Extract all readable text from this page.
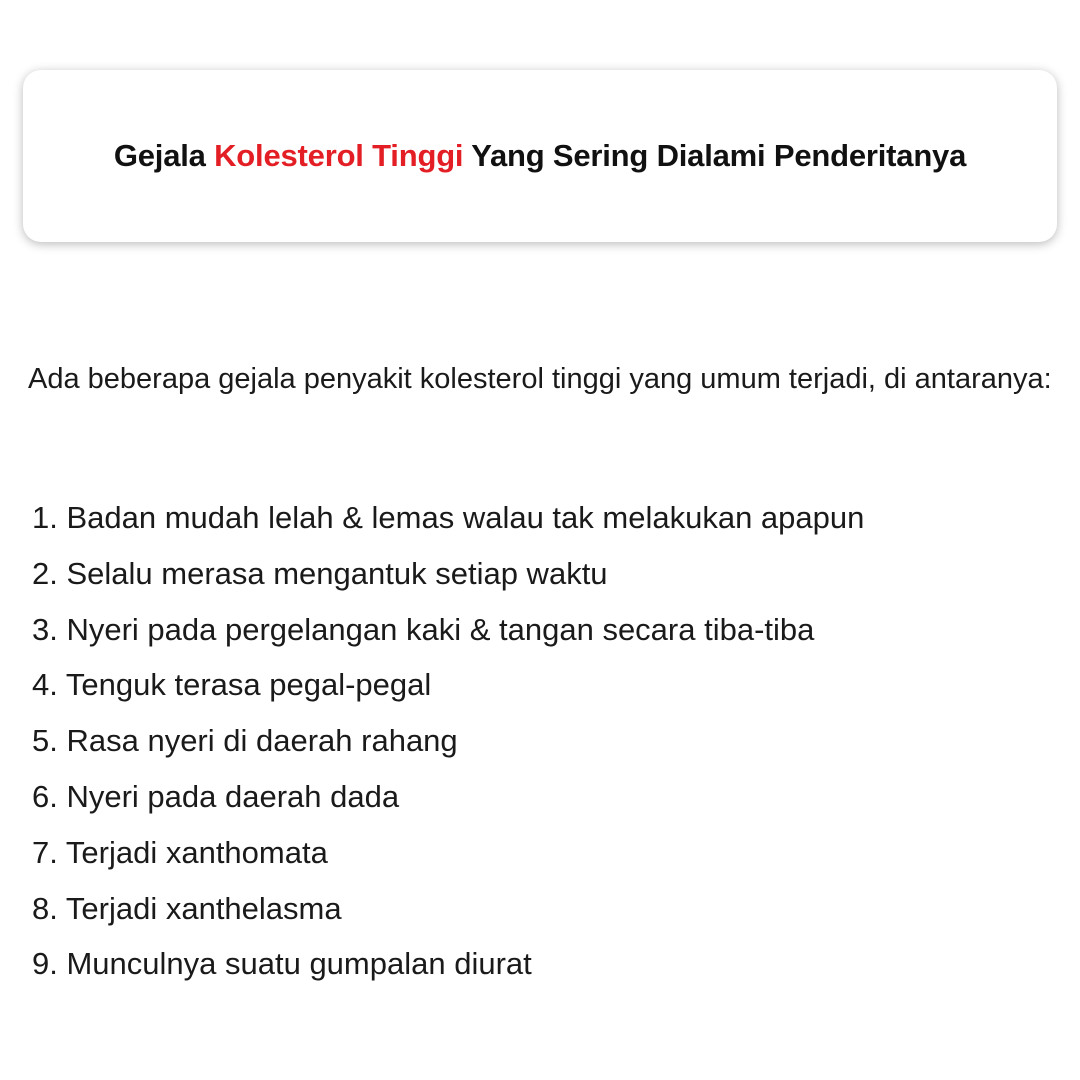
Gejala Kolesterol Tinggi Yang Sering Dialami Penderitanya

Ada beberapa gejala penyakit kolesterol tinggi yang umum terjadi, di antaranya:

1. Badan mudah lelah & lemas walau tak melakukan apapun
2. Selalu merasa mengantuk setiap waktu
3. Nyeri pada pergelangan kaki & tangan secara tiba-tiba
4. Tenguk terasa pegal-pegal
5. Rasa nyeri di daerah rahang
6. Nyeri pada daerah dada
7. Terjadi xanthomata
8. Terjadi xanthelasma
9. Munculnya suatu gumpalan diurat
